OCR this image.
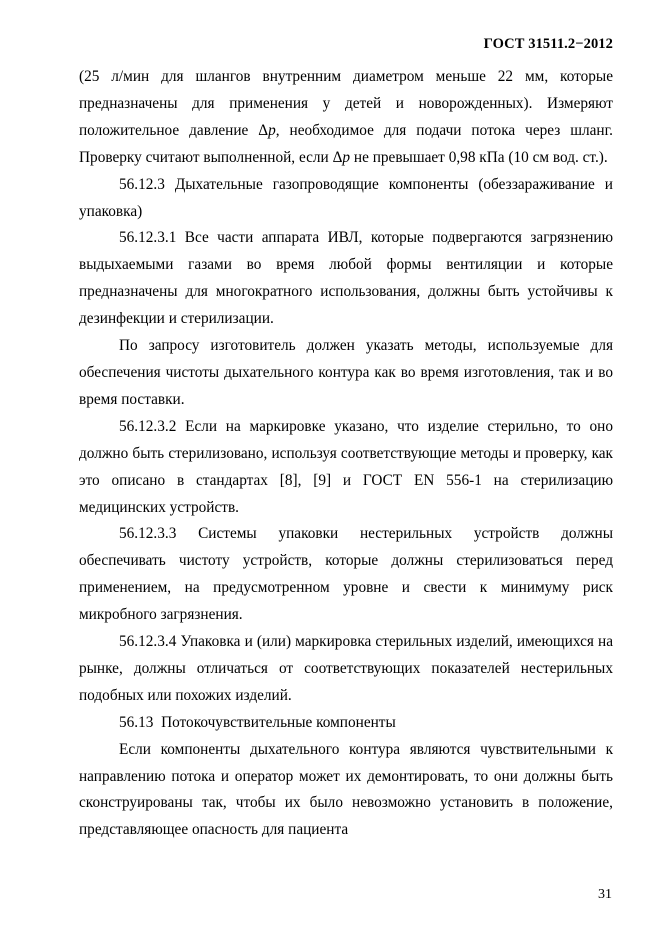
ГОСТ 31511.2−2012

(25 л/мин для шлангов внутренним диаметром меньше 22 мм, которые предназначены для применения у детей и новорожденных). Измеряют положительное давление Δp, необходимое для подачи потока через шланг. Проверку считают выполненной, если Δp не превышает 0,98 кПа (10 см вод. ст.).

56.12.3 Дыхательные газопроводящие компоненты (обеззараживание и упаковка)

56.12.3.1 Все части аппарата ИВЛ, которые подвергаются загрязнению выдыхаемыми газами во время любой формы вентиляции и которые предназначены для многократного использования, должны быть устойчивы к дезинфекции и стерилизации.

По запросу изготовитель должен указать методы, используемые для обеспечения чистоты дыхательного контура как во время изготовления, так и во время поставки.

56.12.3.2 Если на маркировке указано, что изделие стерильно, то оно должно быть стерилизовано, используя соответствующие методы и проверку, как это описано в стандартах [8], [9] и ГОСТ EN 556-1 на стерилизацию медицинских устройств.

56.12.3.3 Системы упаковки нестерильных устройств должны обеспечивать чистоту устройств, которые должны стерилизоваться перед применением, на предусмотренном уровне и свести к минимуму риск микробного загрязнения.

56.12.3.4 Упаковка и (или) маркировка стерильных изделий, имеющихся на рынке, должны отличаться от соответствующих показателей нестерильных подобных или похожих изделий.

56.13  Потокочувствительные компоненты

Если компоненты дыхательного контура являются чувствительными к направлению потока и оператор может их демонтировать, то они должны быть сконструированы так, чтобы их было невозможно установить в положение, представляющее опасность для пациента

31
